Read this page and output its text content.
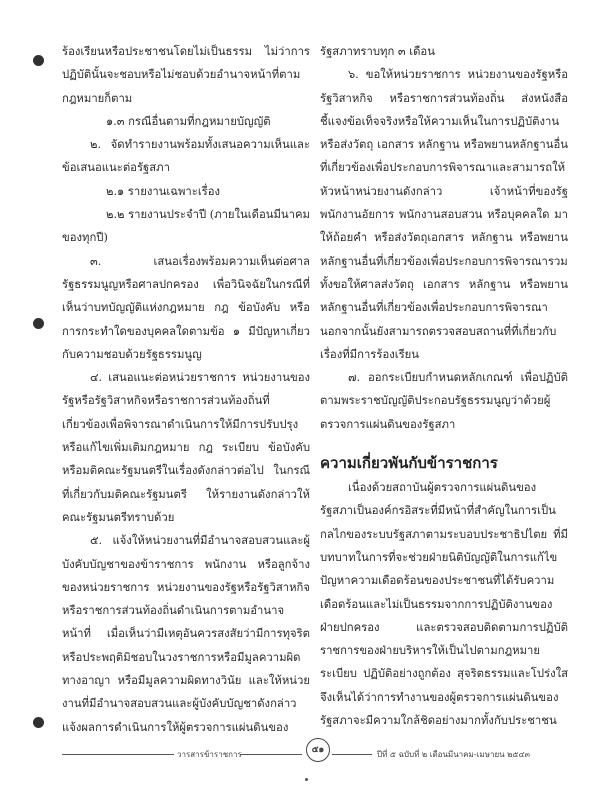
ร้องเรียนหรือประชาชนโดยไม่เป็นธรรม ไม่ว่าการปฏิบัตินั้นจะชอบหรือไม่ชอบด้วยอำนาจหน้าที่ตามกฎหมายก็ตาม

๑.๓ กรณีอื่นตามที่กฎหมายบัญญัติ

๒. จัดทำรายงานพร้อมทั้งเสนอความเห็นและข้อเสนอแนะต่อรัฐสภา

๒.๑ รายงานเฉพาะเรื่อง

๒.๒ รายงานประจำปี (ภายในเดือนมีนาคมของทุกปี)

๓. เสนอเรื่องพร้อมความเห็นต่อศาลรัฐธรรมนูญหรือศาลปกครอง เพื่อวินิจฉัยในกรณีที่เห็นว่าบทบัญญัติแห่งกฎหมาย กฎ ข้อบังคับ หรือการกระทำใดของบุคคลใดตามข้อ ๑ มีปัญหาเกี่ยวกับความชอบด้วยรัฐธรรมนูญ

๔. เสนอแนะต่อหน่วยราชการ หน่วยงานของรัฐหรือรัฐวิสาหกิจหรือราชการส่วนท้องถิ่นที่เกี่ยวข้องเพื่อพิจารณาดำเนินการให้มีการปรับปรุงหรือแก้ไขเพิ่มเติมกฎหมาย กฎ ระเบียบ ข้อบังคับหรือมติคณะรัฐมนตรีในเรื่องดังกล่าวต่อไป ในกรณีที่เกี่ยวกับมติคณะรัฐมนตรี ให้รายงานดังกล่าวให้คณะรัฐมนตรีทราบด้วย

๕. แจ้งให้หน่วยงานที่มีอำนาจสอบสวนและผู้บังคับบัญชาของข้าราชการ พนักงาน หรือลูกจ้างของหน่วยราชการ หน่วยงานของรัฐหรือรัฐวิสาหกิจหรือราชการส่วนท้องถิ่นดำเนินการตามอำนาจหน้าที่ เมื่อเห็นว่ามีเหตุอันควรสงสัยว่ามีการทุจริตหรือประพฤติมิชอบในวงราชการหรือมีมูลความผิดทางอาญา หรือมีมูลความผิดทางวินัย และให้หน่วยงานที่มีอำนาจสอบสวนและผู้บังคับบัญชาดังกล่าวแจ้งผลการดำเนินการให้ผู้ตรวจการแผ่นดินของ

รัฐสภาทราบทุก ๓ เดือน

๖. ขอให้หน่วยราชการ หน่วยงานของรัฐหรือรัฐวิสาหกิจ หรือราชการส่วนท้องถิ่น ส่งหนังสือชี้แจงข้อเท็จจริงหรือให้ความเห็นในการปฏิบัติงานหรือส่งวัตถุ เอกสาร หลักฐาน หรือพยานหลักฐานอื่นที่เกี่ยวข้องเพื่อประกอบการพิจารณาและสามารถให้หัวหน้าหน่วยงานดังกล่าว เจ้าหน้าที่ของรัฐ พนักงานอัยการ พนักงานสอบสวน หรือบุคคลใด มาให้ถ้อยคำ หรือส่งวัตถุเอกสาร หลักฐาน หรือพยานหลักฐานอื่นที่เกี่ยวข้องเพื่อประกอบการพิจารณารวมทั้งขอให้ศาลส่งวัตถุ เอกสาร หลักฐาน หรือพยานหลักฐานอื่นที่เกี่ยวข้องเพื่อประกอบการพิจารณา นอกจากนั้นยังสามารถตรวจสอบสถานที่ที่เกี่ยวกับเรื่องที่มีการร้องเรียน

๗. ออกระเบียบกำหนดหลักเกณฑ์ เพื่อปฏิบัติตามพระราชบัญญัติประกอบรัฐธรรมนูญว่าด้วยผู้ตรวจการแผ่นดินของรัฐสภา

ความเกี่ยวพันกับข้าราชการ

เนื่องด้วยสถาบันผู้ตรวจการแผ่นดินของรัฐสภาเป็นองค์กรอิสระที่มีหน้าที่สำคัญในการเป็นกลไกของระบบรัฐสภาตามระบอบประชาธิปไตย ที่มีบทบาทในการที่จะช่วยฝ่ายนิติบัญญัติในการแก้ไขปัญหาความเดือดร้อนของประชาชนที่ได้รับความเดือดร้อนและไม่เป็นธรรมจากการปฏิบัติงานของฝ่ายปกครอง และตรวจสอบติดตามการปฏิบัติราชการของฝ่ายบริหารให้เป็นไปตามกฎหมาย ระเบียบ ปฏิบัติอย่างถูกต้อง สุจริตธรรมและโปร่งใส จึงเห็นได้ว่าการทำงานของผู้ตรวจการแผ่นดินของรัฐสภาจะมีความใกล้ชิดอย่างมากทั้งกับประชาชน

วารสารข้าราชการ	๕๑	ปีที่ ๕ ฉบับที่ ๒ เดือนมีนาคม-เมษายน ๒๕๔๓
